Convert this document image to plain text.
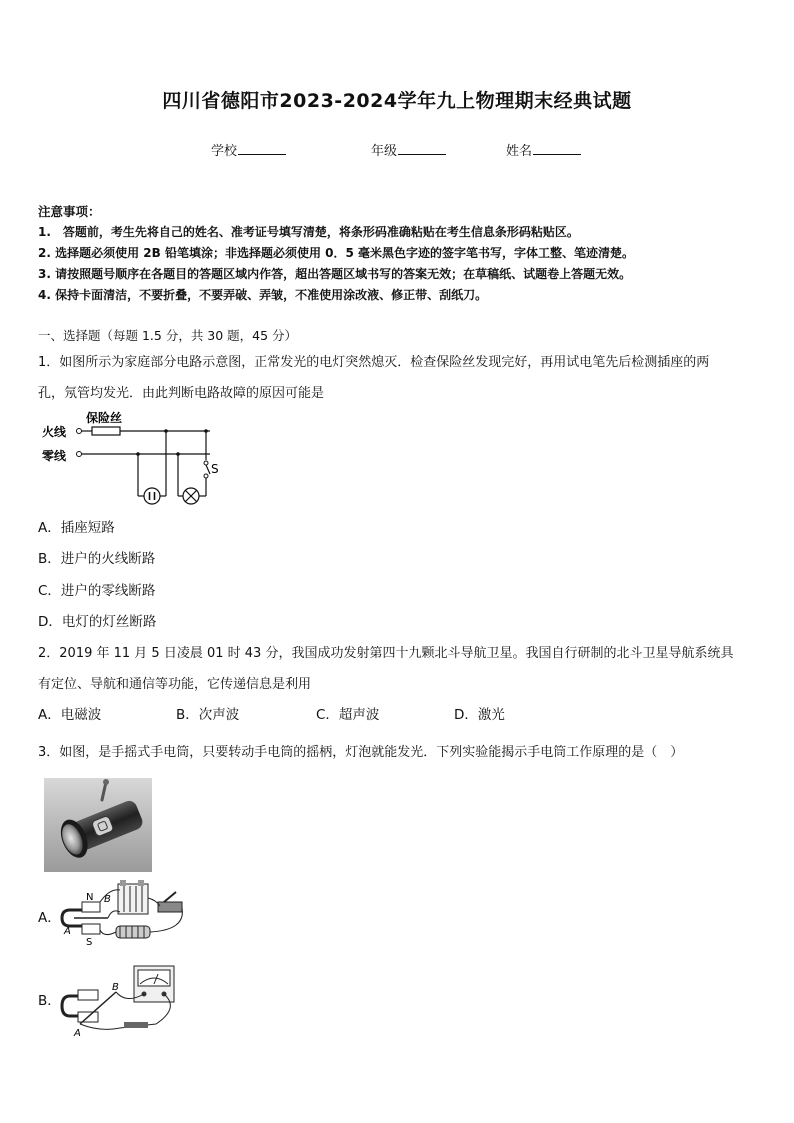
四川省德阳市2023-2024学年九上物理期末经典试题
学校	年级	姓名
注意事项：
1.　答题前，考生先将自己的姓名、准考证号填写清楚，将条形码准确粘贴在考生信息条形码粘贴区。
2. 选择题必须使用 2B 铅笔填涂；非选择题必须使用 0．5 毫米黑色字迹的签字笔书写，字体工整、笔迹清楚。
3. 请按照题号顺序在各题目的答题区域内作答，超出答题区域书写的答案无效；在草稿纸、试题卷上答题无效。
4. 保持卡面清洁，不要折叠，不要弄破、弄皱，不准使用涂改液、修正带、刮纸刀。
一、选择题（每题 1.5 分，共 30 题，45 分）
1．如图所示为家庭部分电路示意图，正常发光的电灯突然熄灭．检查保险丝发现完好，再用试电笔先后检测插座的两
孔，氖管均发光．由此判断电路故障的原因可能是
火线
零线
保险丝
S
A．插座短路
B．进户的火线断路
C．进户的零线断路
D．电灯的灯丝断路
2．2019 年 11 月 5 日凌晨 01 时 43 分，我国成功发射第四十九颗北斗导航卫星。我国自行研制的北斗卫星导航系统具
有定位、导航和通信等功能，它传递信息是利用
A．电磁波	B．次声波	C．超声波	D．激光
3．如图，是手摇式手电筒，只要转动手电筒的摇柄，灯泡就能发光．下列实验能揭示手电筒工作原理的是（　）
A．
N
A
S
B
B．
A
B
